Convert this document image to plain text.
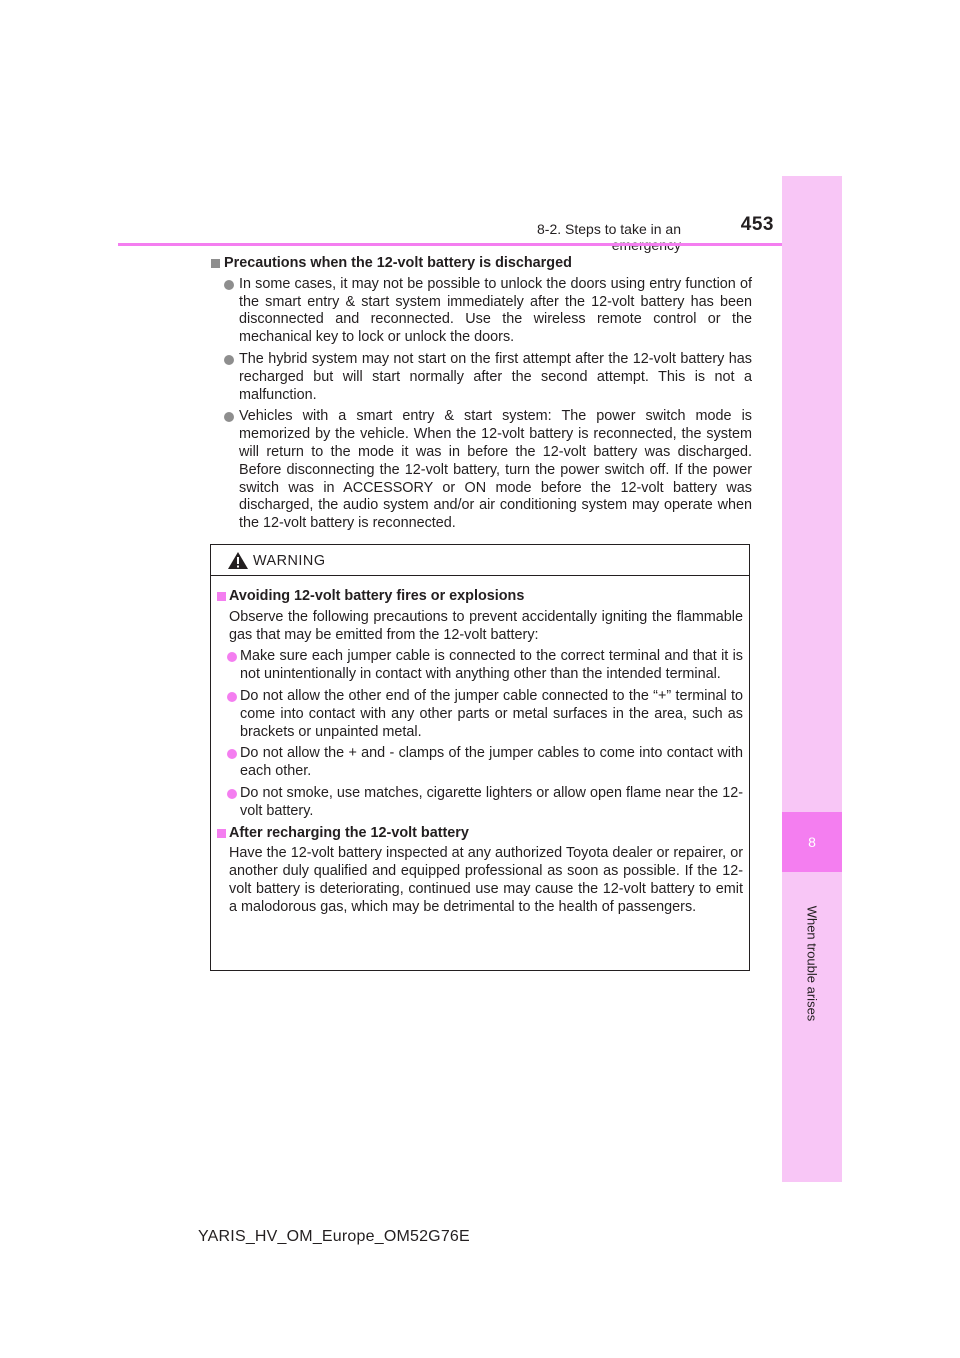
8-2. Steps to take in an	453
8
When trouble arises
Precautions when the 12-volt battery is discharged
In some cases, it may not be possible to unlock the doors using entry function of the smart entry & start system immediately after the 12-volt battery has been disconnected and reconnected. Use the wireless remote control or the mechanical key to lock or unlock the doors.
The hybrid system may not start on the first attempt after the 12-volt battery has recharged but will start normally after the second attempt. This is not a malfunction.
Vehicles with a smart entry & start system: The power switch mode is memorized by the vehicle. When the 12-volt battery is reconnected, the system will return to the mode it was in before the 12-volt battery was discharged. Before disconnecting the 12-volt battery, turn the power switch off. If the power switch was in ACCESSORY or ON mode before the 12-volt battery was discharged, the audio system and/or air conditioning system may operate when the 12-volt battery is reconnected.
WARNING
Avoiding 12-volt battery fires or explosions
Observe the following precautions to prevent accidentally igniting the flammable gas that may be emitted from the 12-volt battery:
Make sure each jumper cable is connected to the correct terminal and that it is not unintentionally in contact with anything other than the intended terminal.
Do not allow the other end of the jumper cable connected to the “+” terminal to come into contact with any other parts or metal surfaces in the area, such as brackets or unpainted metal.
Do not allow the + and - clamps of the jumper cables to come into contact with each other.
Do not smoke, use matches, cigarette lighters or allow open flame near the 12-volt battery.
After recharging the 12-volt battery
Have the 12-volt battery inspected at any authorized Toyota dealer or repairer, or another duly qualified and equipped professional as soon as possible. If the 12-volt battery is deteriorating, continued use may cause the 12-volt battery to emit a malodorous gas, which may be detrimental to the health of passengers.
YARIS_HV_OM_Europe_OM52G76E
